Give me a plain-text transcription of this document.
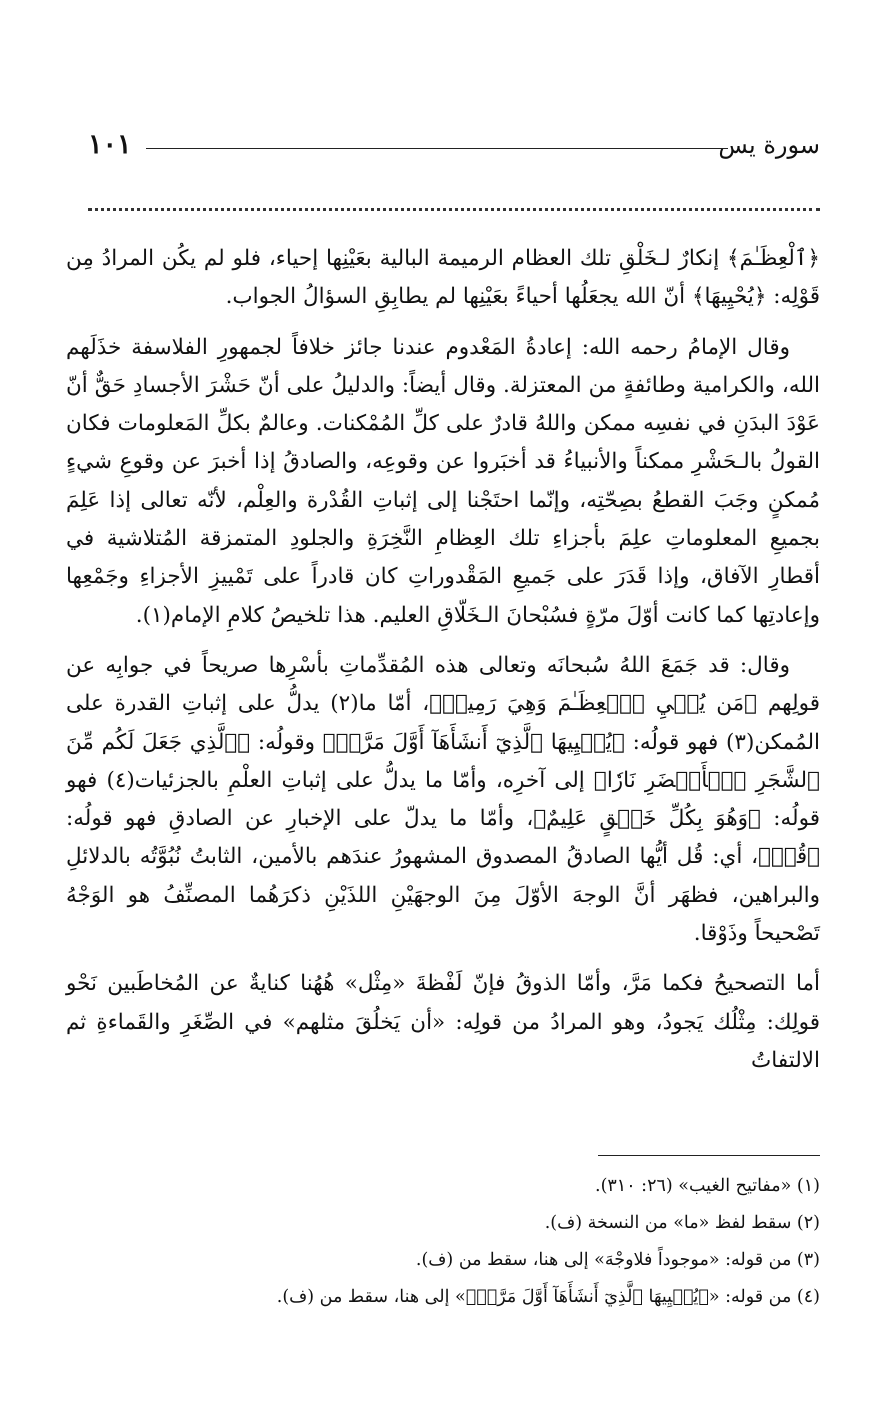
١٠١	سورة يس

﴿ٱلْعِظَـٰمَ﴾ إنكارٌ لـخَلْقِ تلك العظام الرميمة البالية بعَيْنِها إحياء، فلو لم يكُن المرادُ مِن قَوْلِه: ﴿يُحْيِيهَا﴾ أنّ الله يجعَلُها أحياءً بعَيْنِها لم يطابِقِ السؤالُ الجواب.

وقال الإمامُ رحمه الله: إعادةُ المَعْدوم عندنا جائز خلافاً لجمهورِ الفلاسفة خذَلَهم الله، والكرامية وطائفةٍ من المعتزلة. وقال أيضاً: والدليلُ على أنّ حَشْرَ الأجسادِ حَقٌّ أنّ عَوْدَ البدَنِ في نفسِه ممكن واللهُ قادرٌ على كلِّ المُمْكنات. وعالمٌ بكلِّ المَعلومات فكان القولُ بالـحَشْرِ ممكناً والأنبياءُ قد أخبَروا عن وقوعِه، والصادقُ إذا أخبرَ عن وقوعِ شيءٍ مُمكنٍ وجَبَ القطعُ بصِحّتِه، وإنّما احتَجْنا إلى إثباتِ القُدْرة والعِلْم، لأنّه تعالى إذا عَلِمَ بجميعِ المعلوماتِ علِمَ بأجزاءِ تلك العِظامِ النَّخِرَةِ والجلودِ المتمزقة المُتلاشية في أقطارِ الآفاق، وإذا قَدَرَ على جَميعِ المَقْدوراتِ كان قادراً على تَمْييزِ الأجزاءِ وجَمْعِها وإعادتِها كما كانت أوّلَ مرّةٍ فسُبْحانَ الـخَلّاقِ العليم. هذا تلخيصُ كلامِ الإمام(١).

وقال: قد جَمَعَ اللهُ سُبحانَه وتعالى هذه المُقدِّماتِ بأسْرِها صريحاً في جوابِه عن قولِهم ﴿مَن يُحۡيِ ٱلۡعِظَـٰمَ وَهِيَ رَمِيمٞ﴾، أمّا ما(٢) يدلُّ على إثباتِ القدرة على المُمكن(٣) فهو قولُه: ﴿يُحۡيِيهَا ٱلَّذِيٓ أَنشَأَهَآ أَوَّلَ مَرَّةٖ﴾ وقولُه: ﴿ٱلَّذِي جَعَلَ لَكُم مِّنَ ٱلشَّجَرِ ٱلۡأَخۡضَرِ نَارٗا﴾ إلى آخرِه، وأمّا ما يدلُّ على إثباتِ العلْمِ بالجزئيات(٤) فهو قولُه: ﴿وَهُوَ بِكُلِّ خَلۡقٍ عَلِيمٌ﴾، وأمّا ما يدلّ على الإخبارِ عن الصادقِ فهو قولُه: ﴿قُلۡ﴾، أي: قُل أيُّها الصادقُ المصدوق المشهورُ عندَهم بالأمين، الثابتُ نُبُوَّتُه بالدلائلِ والبراهين، فظهَر أنَّ الوجهَ الأوّلَ مِنَ الوجهَيْنِ اللذَيْنِ ذكرَهُما المصنِّفُ هو الوَجْهُ تَصْحيحاً وذَوْقا.

أما التصحيحُ فكما مَرَّ، وأمّا الذوقُ فإنّ لَفْظةَ «مِثْل» هُهُنا كنايةٌ عن المُخاطَبين نَحْو قولِك: مِثْلُك يَجودُ، وهو المرادُ من قولِه: «أن يَخلُقَ مثلهم» في الصِّغَرِ والقَماءةِ ثم الالتفاتُ

(١) «مفاتيح الغيب» (٢٦: ٣١٠).

(٢) سقط لفظ «ما» من النسخة (ف).

(٣) من قوله: «موجوداً فلاوجْهَ» إلى هنا، سقط من (ف).

(٤) من قوله: «﴿يُحۡيِيهَا ٱلَّذِيٓ أَنشَأَهَآ أَوَّلَ مَرَّةٖ﴾» إلى هنا، سقط من (ف).
